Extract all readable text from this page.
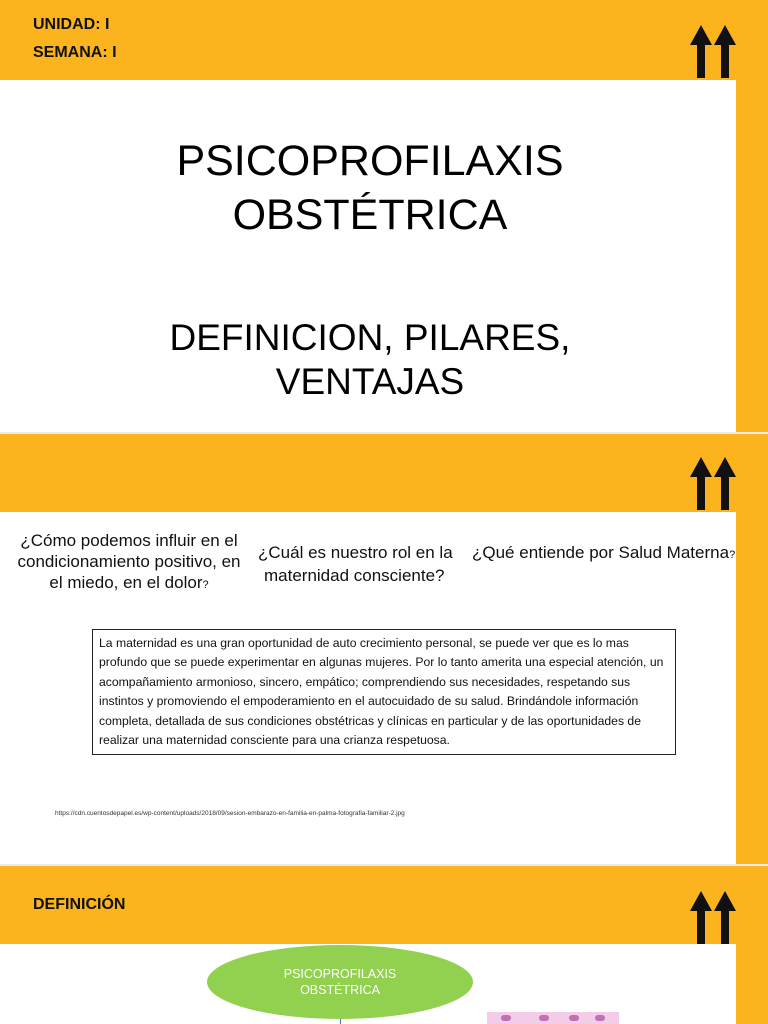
UNIDAD: I
SEMANA: I
PSICOPROFILAXIS
OBSTÉTRICA
DEFINICION, PILARES,
VENTAJAS
¿Cómo podemos influir en el condicionamiento positivo, en el miedo, en el dolor?
¿Cuál es nuestro rol en la
maternidad consciente?
¿Qué entiende por Salud Materna?
La maternidad es una gran oportunidad de auto crecimiento personal, se puede ver que es lo mas profundo que se puede experimentar en algunas mujeres. Por lo tanto amerita una especial atención, un acompañamiento armonioso, sincero, empático; comprendiendo sus necesidades, respetando sus instintos y promoviendo el empoderamiento en el autocuidado de su salud. Brindándole información completa, detallada de sus condiciones obstétricas y clínicas en particular y de las oportunidades de realizar una maternidad consciente para una crianza respetuosa.
https://cdn.cuentosdepapel.es/wp-content/uploads/2018/09/sesion-embarazo-en-familia-en-palma-fotografia-familiar-2.jpg
DEFINICIÓN
PSICOPROFILAXIS
OBSTÉTRICA
